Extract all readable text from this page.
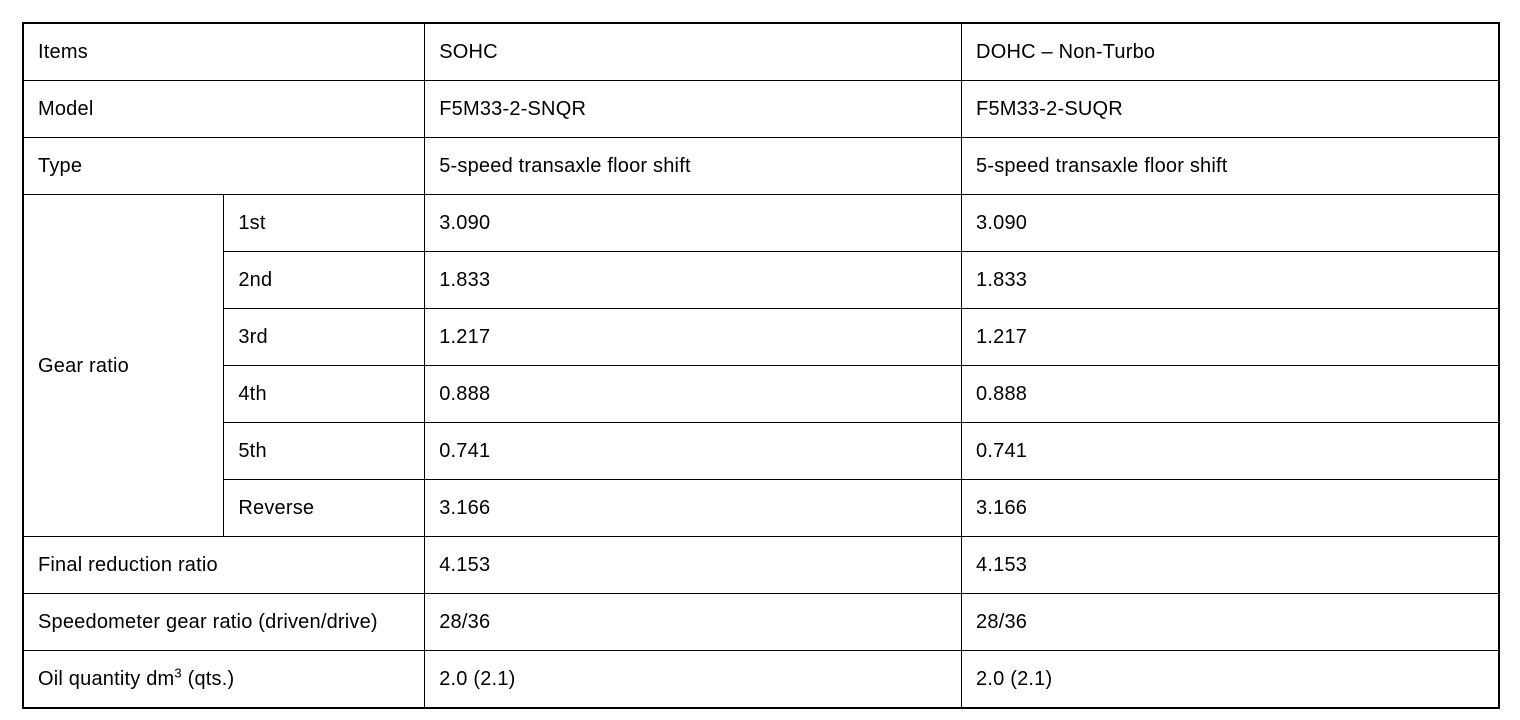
Items		SOHC	DOHC – Non-Turbo
Model		F5M33-2-SNQR	F5M33-2-SUQR
Type		5-speed transaxle floor shift	5-speed transaxle floor shift
Gear ratio	1st	3.090	3.090
	2nd	1.833	1.833
	3rd	1.217	1.217
	4th	0.888	0.888
	5th	0.741	0.741
	Reverse	3.166	3.166
Final reduction ratio		4.153	4.153
Speedometer gear ratio (driven/drive)		28/36	28/36
Oil quantity $dm^3$ (qts.)		2.0 (2.1)	2.0 (2.1)
